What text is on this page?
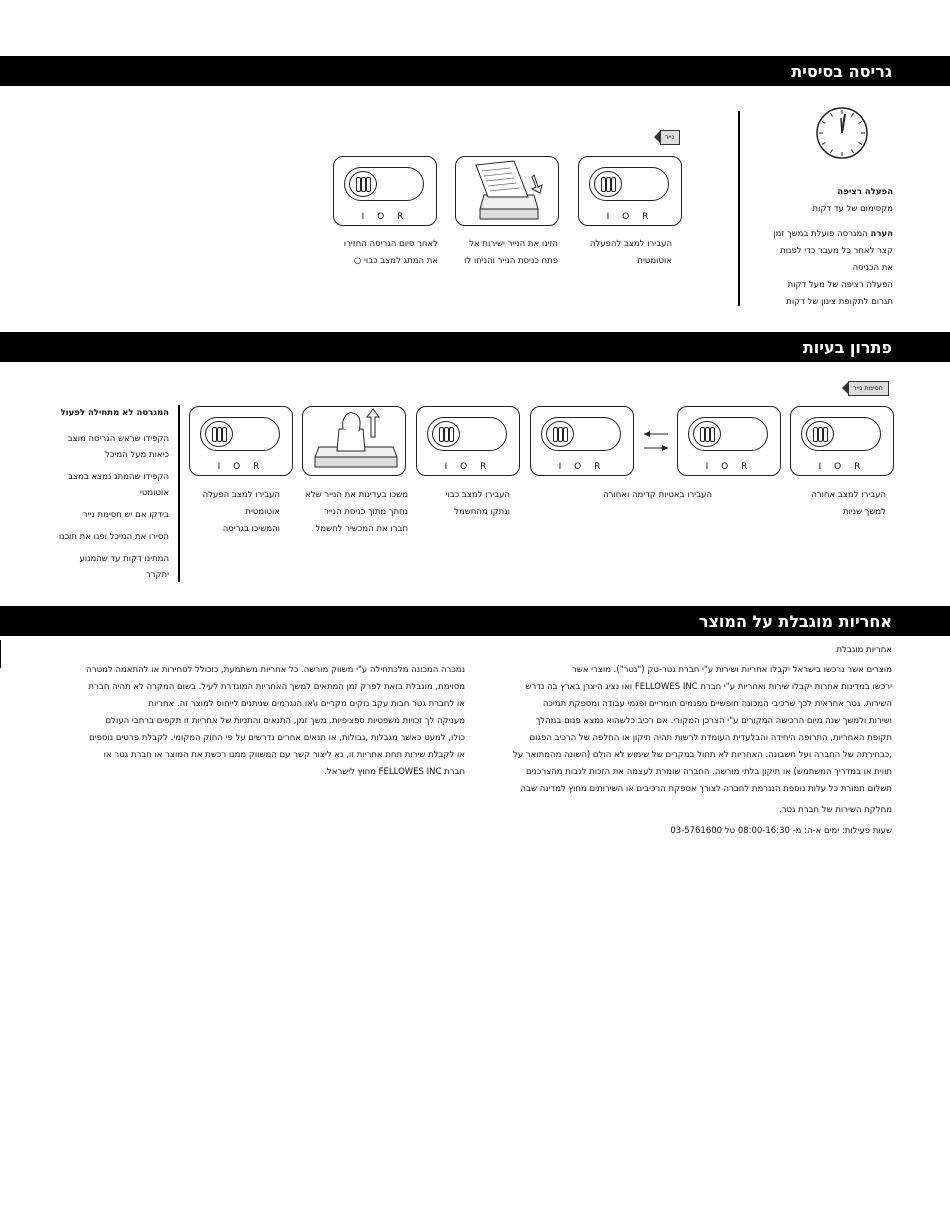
גריסה בסיסית

הפעלה רציפה

מקסימום של עד דקות

הערה המגרסה פועלת במשך זמן

קצר לאחר כל מעבר כדי לפנות

את הכניסה

הפעלה רציפה של מעל דקות

תגרום לתקופת צינון של דקות

נייר
I O R
I O R

העבירו למצב להפעלה

אוטומטית

הזינו את הנייר ישירות אל

פתח כניסת הנייר והניחו לו

לאחר סיום הגריסה החזירו

את המתג למצב כבוי ○

פתרון בעיות
חסימת נייר
I O R
I O R
I O R
I O R
I O R

העבירו למצב אחורה

למשך שניות

העבירו באטיות קדימה ואחורה

העבירו למצב כבוי

ונתקו מהחשמל

משכו בעדינות את הנייר שלא

נחתך מתוך כניסת הנייר

חברו את המכשיר לחשמל

העבירו למצב הפעלה

אוטומטית

והמשיכו בגריסה

המגרסה לא מתחילה לפעול

הקפידו שראש הגריסה מוצב

כיאות מעל המיכל

הקפידו שהמתג נמצא במצב

אוטומטי

בידקו אם יש חסימת נייר

הסירו את המיכל ופנו את תוכנו

המתינו דקות עד שהמנוע

יתקרר

אחריות מוגבלת על המוצר

אחריות מוגבלת

מוצרים אשר נרכשו בישראל יקבלו אחריות ושירות ע"י חברת גטר-טק ("גטר"). מוצרי אשר

ירכשו במדינות אחרות יקבלו שירות ואחריות ע"י חברת FELLOWES INC ואו נציג היצרן בארץ בה נדרש

השירות. גטר אחראית לכך שרכיבי המכונה חופשיים מפגמים חומריים ופגמי עבודה ומספקת תמיכה

ושירות ולמשך שנה מיום הרכישה המקורים ע"י הצרכן המקורי. אם רכיב כלשהוא נמצא פגום במהלך

תקופת האחריות, התרופה היחידה והבלעדית העומדת לרשות תהיה תיקון או החלפה של הרכיב הפגום

,כבחירתה של החברה ועל חשבונה. האחריות לא תחול במקרים של שימוש לא הולם (השונה מהמתואר על

תווית או במדריך המשתמש) או תיקון בלתי מורשה. החברה שומרת לעצמה את הזכות לגבות מהצרכנים

תשלום תמורת כל עלות נוספת הנגרמת לחברה לצורך אספקת הרכיבים או השירותים מחוץ למדינה שבה

מחלקת השירות של חברת גטר.

שעות פעילות: ימים א-ה: מ- 08:00-16:30 טל 03-5761600

נמכרה המכונה מלכתחילה ע"י משווק מורשה. כל אחריות משתמעת, כוכולל לסחירות או להתאמה למטרה

מסוימת, מוגבלת בזאת לפרק זמן המתאים למשך האחריות המוגדרת לעיל. בשום המקרה לא תהיה חברת

או לחברת גטר חבות עקב נזקים מקריים ו\או הנגרמים שניתנים לייחוס למוצר זה. אחריות

מעניקה לך זכויות משפטיות ספציפיות. משך זמן, התנאים והתניות של אחריות זו תקפים ברחבי העולם

כולו, למעט כאשר מגבלות ,גבולות, או תנאים אחרים נדרשים על פי החוק המקומי. לקבלת פרטים נוספים

או לקבלת שירות תחת אחריות זו, נא ליצור קשר עם המשווק ממנו רכשת את המוצר או חברת גטר או

חברת FELLOWES INC מחוץ לישראל.
